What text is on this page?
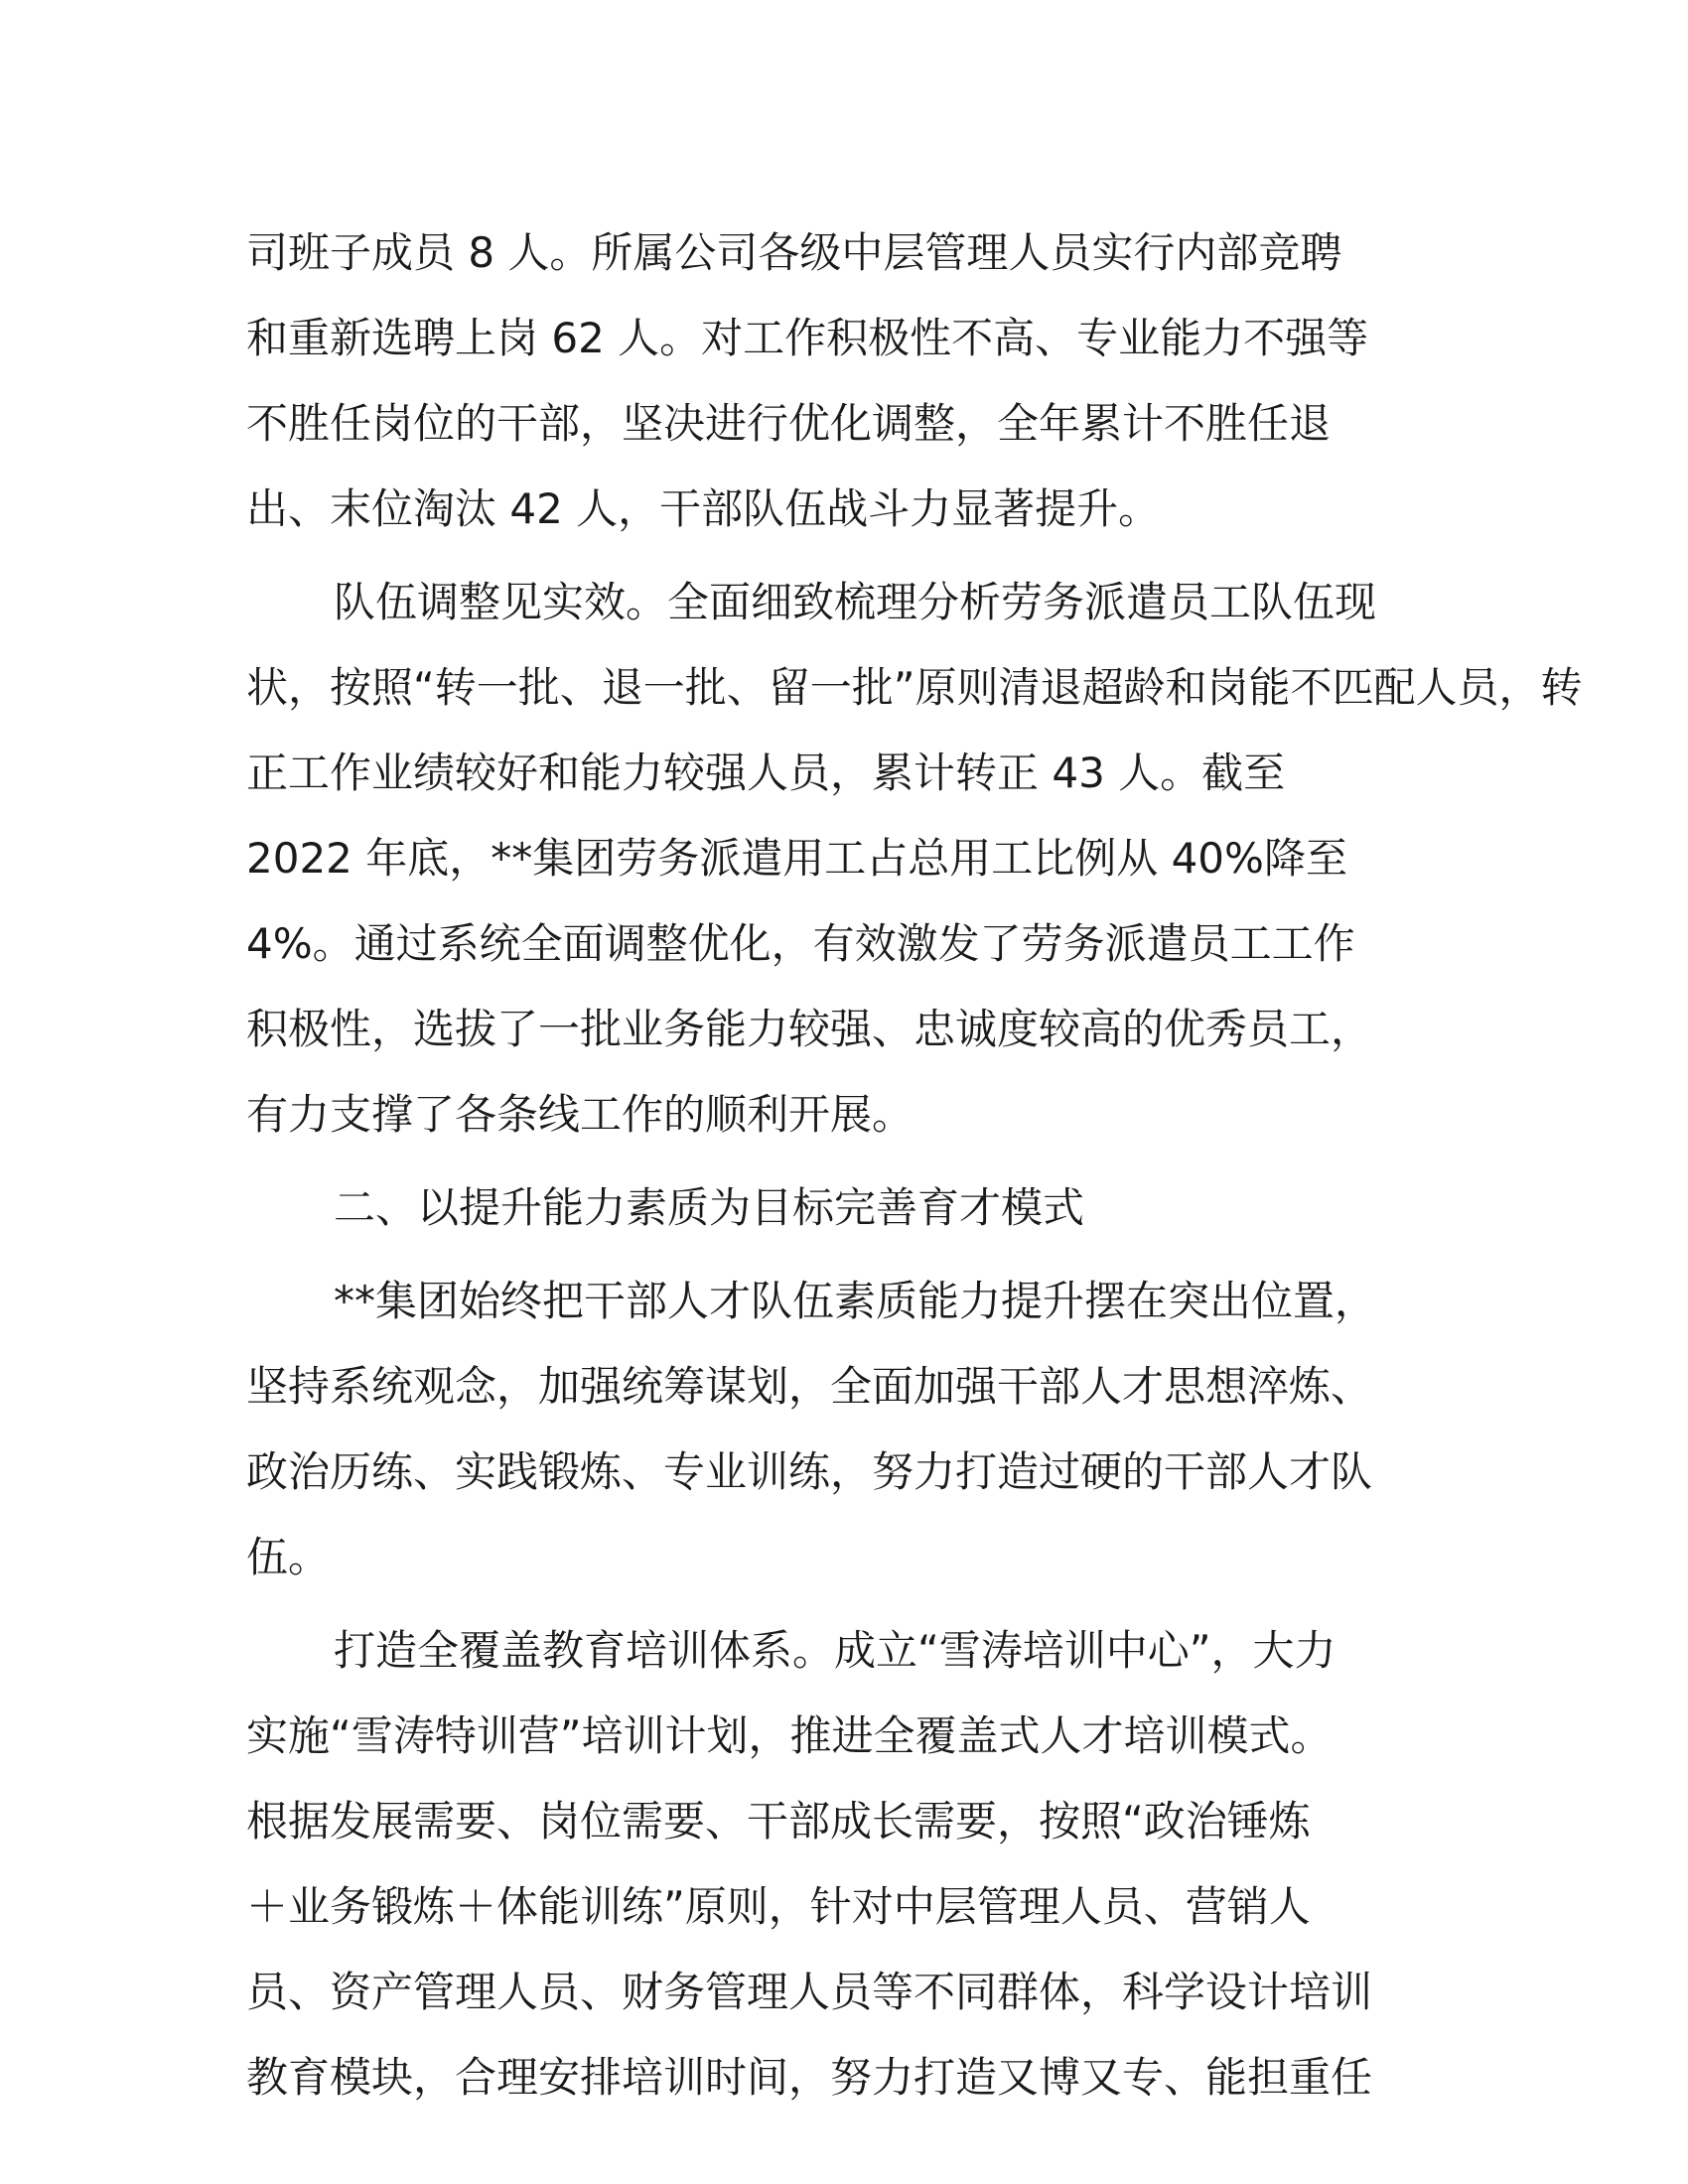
司班子成员 8 人。所属公司各级中层管理人员实行内部竞聘
和重新选聘上岗 62 人。对工作积极性不高、专业能力不强等
不胜任岗位的干部，坚决进行优化调整，全年累计不胜任退
出、末位淘汰 42 人，干部队伍战斗力显著提升。
队伍调整见实效。全面细致梳理分析劳务派遣员工队伍现
状，按照“转一批、退一批、留一批”原则清退超龄和岗能不匹配人员，转
正工作业绩较好和能力较强人员，累计转正 43 人。截至
2022 年底，**集团劳务派遣用工占总用工比例从 40%降至
4%。通过系统全面调整优化，有效激发了劳务派遣员工工作
积极性，选拔了一批业务能力较强、忠诚度较高的优秀员工，
有力支撑了各条线工作的顺利开展。
二、以提升能力素质为目标完善育才模式
**集团始终把干部人才队伍素质能力提升摆在突出位置，
坚持系统观念，加强统筹谋划，全面加强干部人才思想淬炼、
政治历练、实践锻炼、专业训练，努力打造过硬的干部人才队
伍。
打造全覆盖教育培训体系。成立“雪涛培训中心”，大力
实施“雪涛特训营”培训计划，推进全覆盖式人才培训模式。
根据发展需要、岗位需要、干部成长需要，按照“政治锤炼
＋业务锻炼＋体能训练”原则，针对中层管理人员、营销人
员、资产管理人员、财务管理人员等不同群体，科学设计培训
教育模块，合理安排培训时间，努力打造又博又专、能担重任
